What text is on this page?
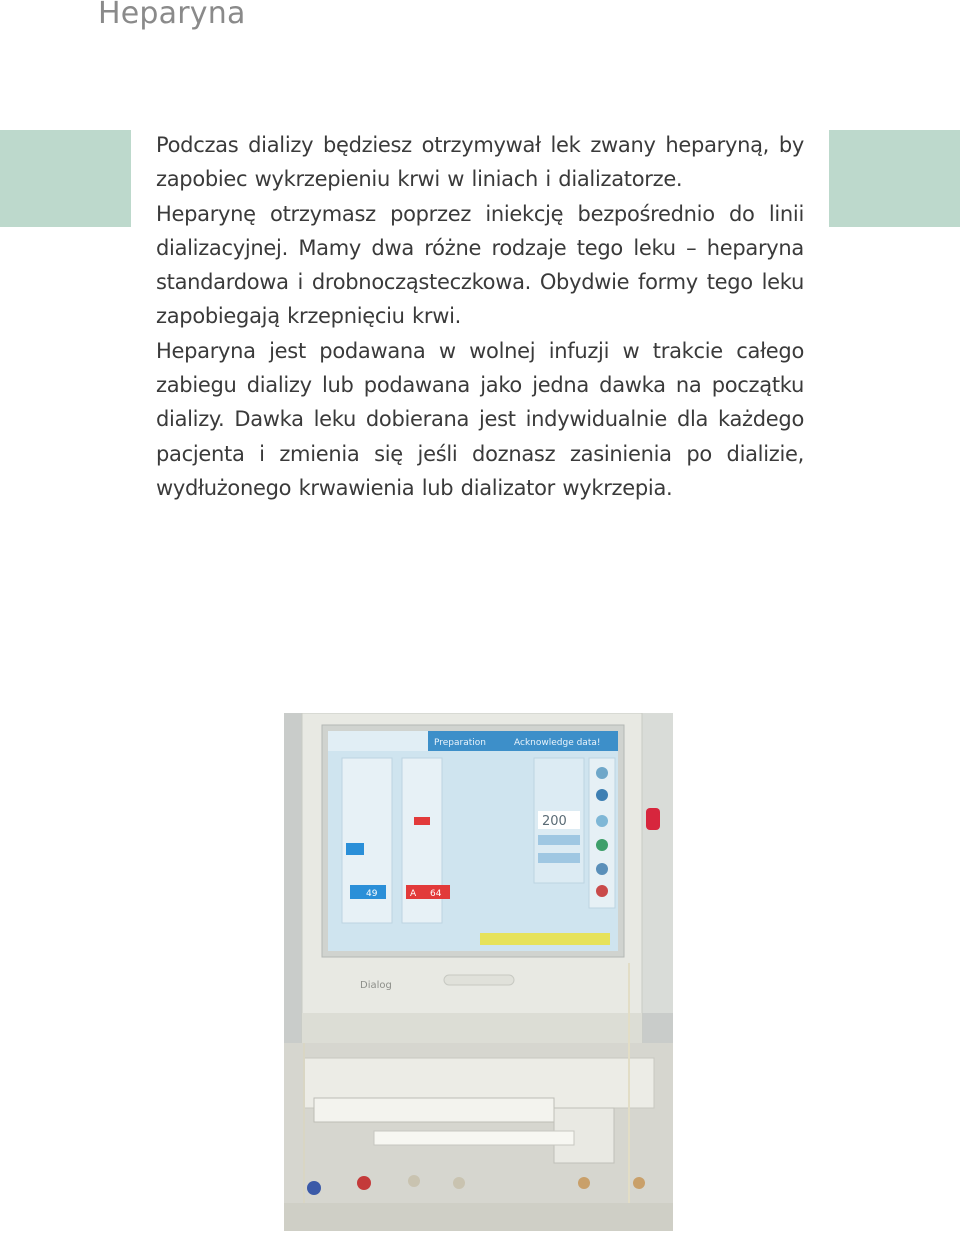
Heparyna

Podczas dializy będziesz otrzymywał lek zwany heparyną, by zapobiec wykrzepieniu krwi w liniach i dializatorze.

Heparynę otrzymasz poprzez iniekcję bezpośrednio do linii dializacyjnej. Mamy dwa różne rodzaje tego leku – heparyna standardowa i drobnocząsteczkowa. Obydwie formy tego leku zapobiegają krzepnięciu krwi.

Heparyna jest podawana w wolnej infuzji w trakcie całego zabiegu dializy lub podawana jako jedna dawka na początku dializy. Dawka leku dobierana jest indywidualnie dla każdego pacjenta i zmienia się jeśli doznasz zasinienia po dializie, wydłużonego krwawienia lub dializator wykrzepia.

Preparation	Acknowledge data!
49	A 64
200
Dialog
